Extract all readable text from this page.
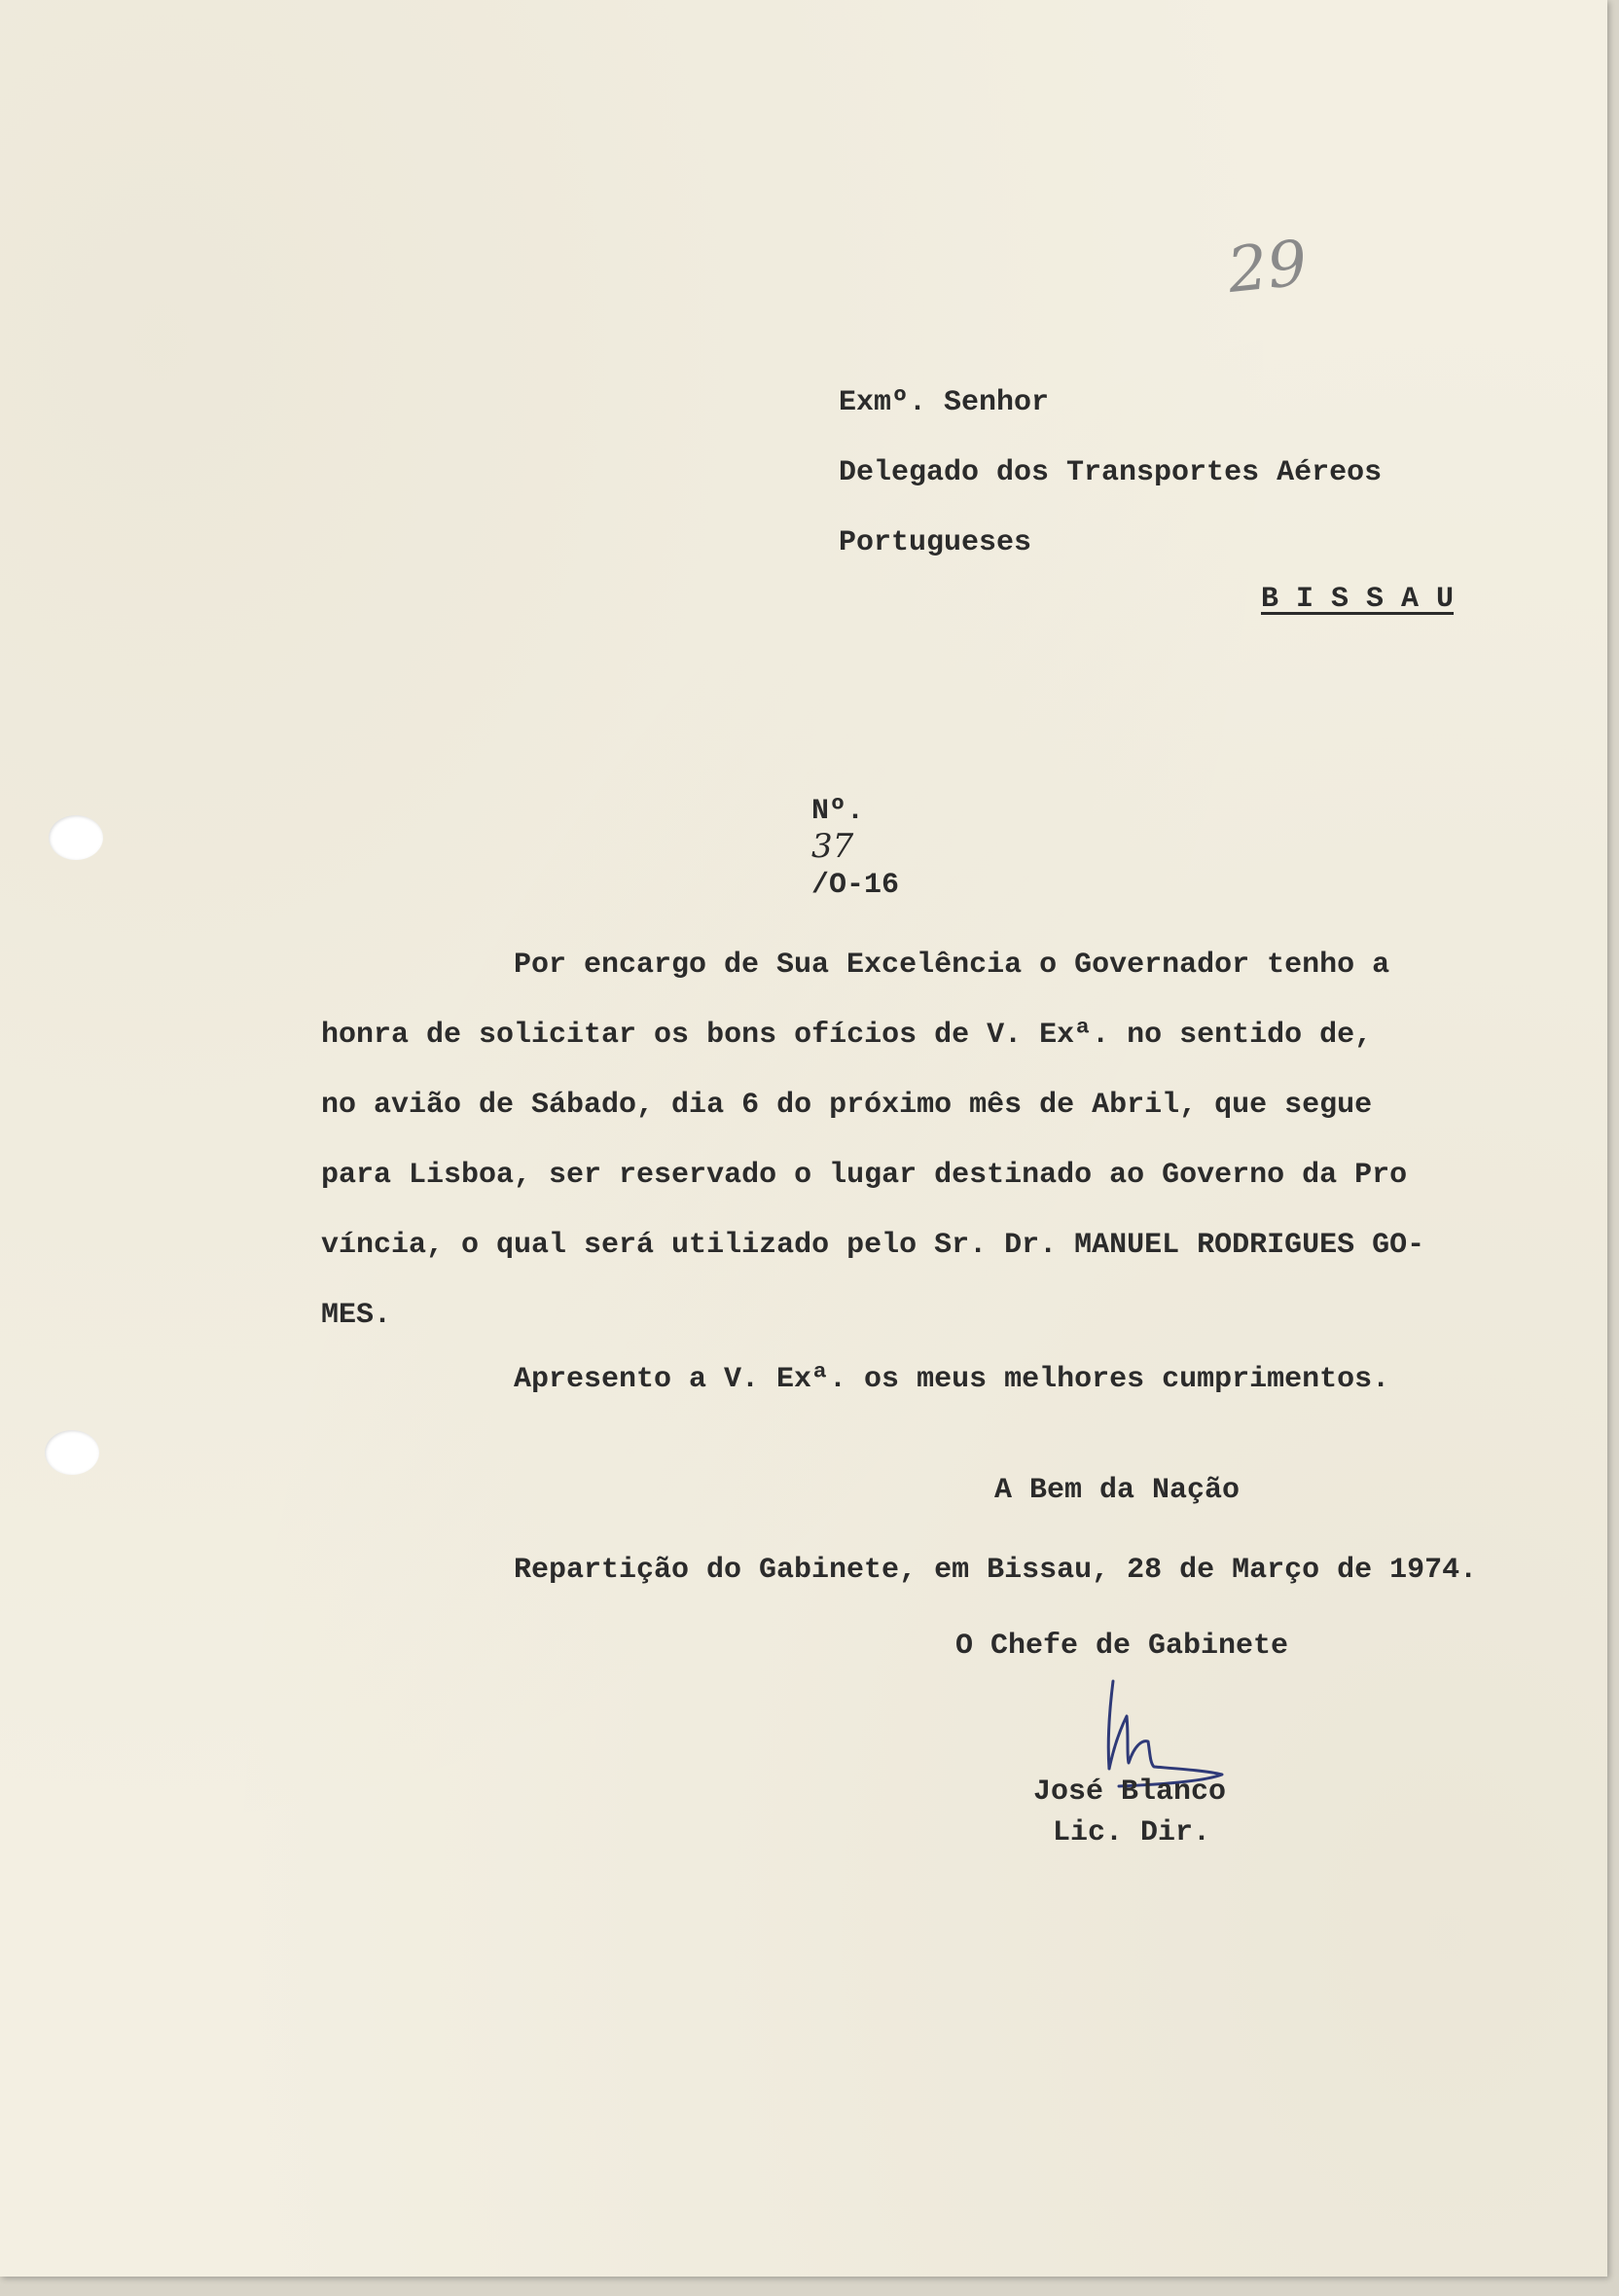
29
Exmº. Senhor
Delegado dos Transportes Aéreos
Portugueses
B I S S A U

Nº.
37
/O-16

Por encargo de Sua Excelência o Governador tenho a
honra de solicitar os bons ofícios de V. Exª. no sentido de,
no avião de Sábado, dia 6 do próximo mês de Abril, que segue
para Lisboa, ser reservado o lugar destinado ao Governo da Pro
víncia, o qual será utilizado pelo Sr. Dr. MANUEL RODRIGUES GO-
MES.
Apresento a V. Exª. os meus melhores cumprimentos.
A Bem da Nação
Repartição do Gabinete, em Bissau, 28 de Março de 1974.
O Chefe de Gabinete
José Blanco
Lic. Dir.
